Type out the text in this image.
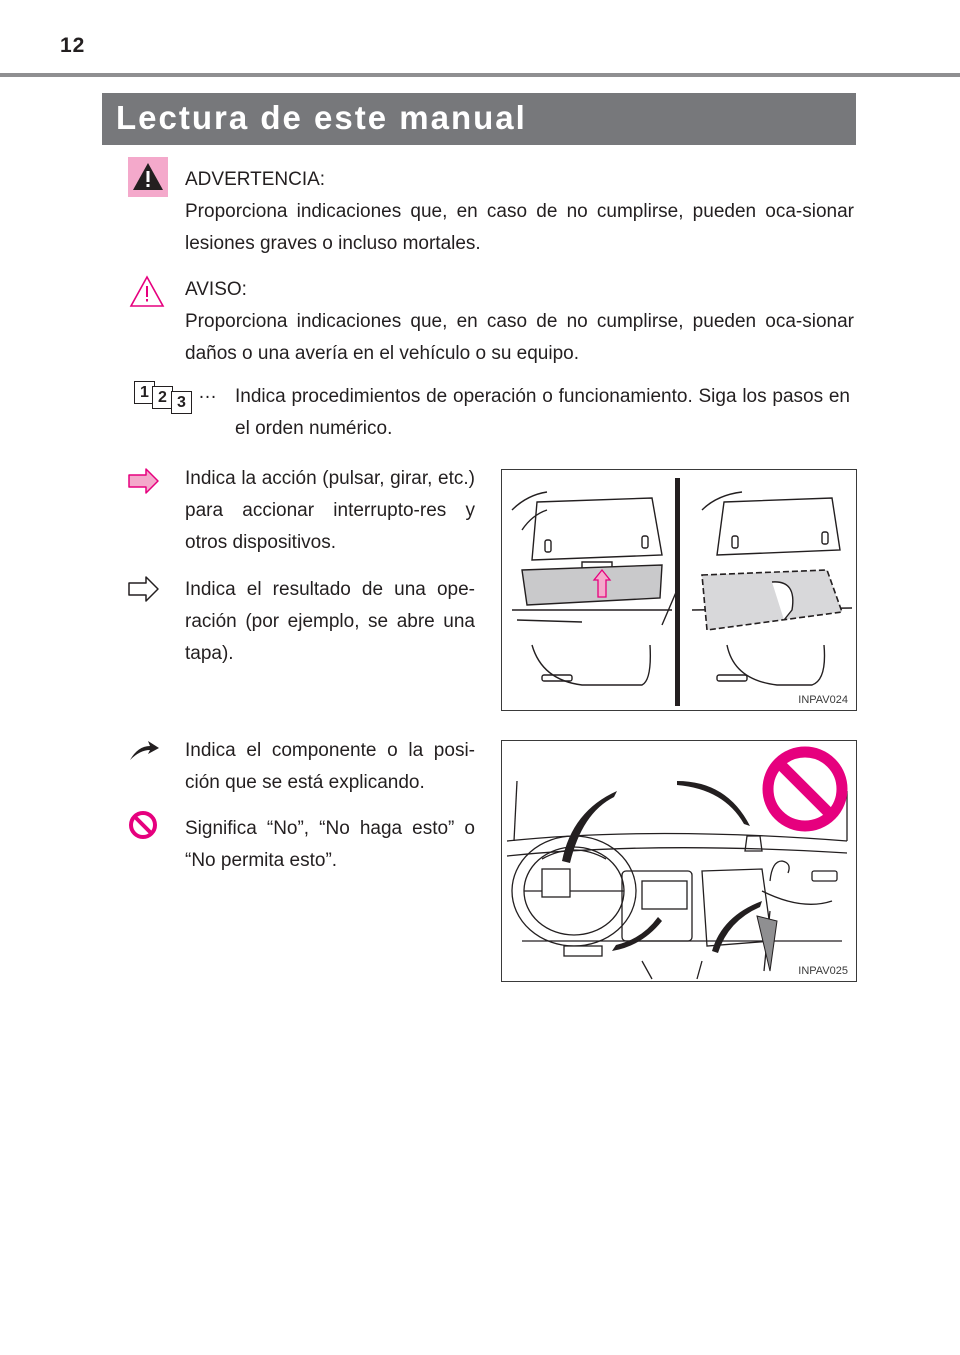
12
Lectura de este manual
ADVERTENCIA:
Proporciona indicaciones que, en caso de no cumplirse, pueden oca-sionar lesiones graves o incluso mortales.
AVISO:
Proporciona indicaciones que, en caso de no cumplirse, pueden oca-sionar daños o una avería en el vehículo o su equipo.
1 2 3 … Indica procedimientos de operación o funcionamiento. Siga los pasos en el orden numérico.
Indica la acción (pulsar, girar, etc.) para accionar interrupto-res y otros dispositivos.
Indica el resultado de una ope-ración (por ejemplo, se abre una tapa).
INPAV024
Indica el componente o la posi-ción que se está explicando.
Significa “No”, “No haga esto” o “No permita esto”.
INPAV025
